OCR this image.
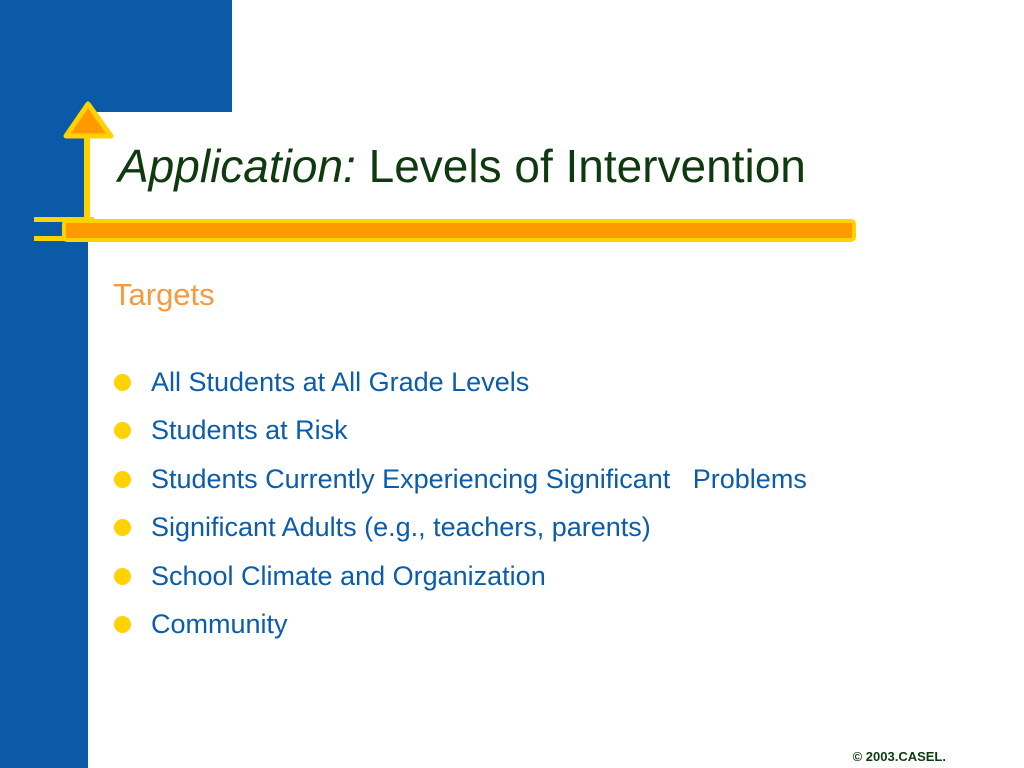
Application: Levels of Intervention
Targets
All Students at All Grade Levels
Students at Risk
Students Currently Experiencing Significant   Problems
Significant Adults (e.g., teachers, parents)
School Climate and Organization
Community
© 2003.CASEL.
